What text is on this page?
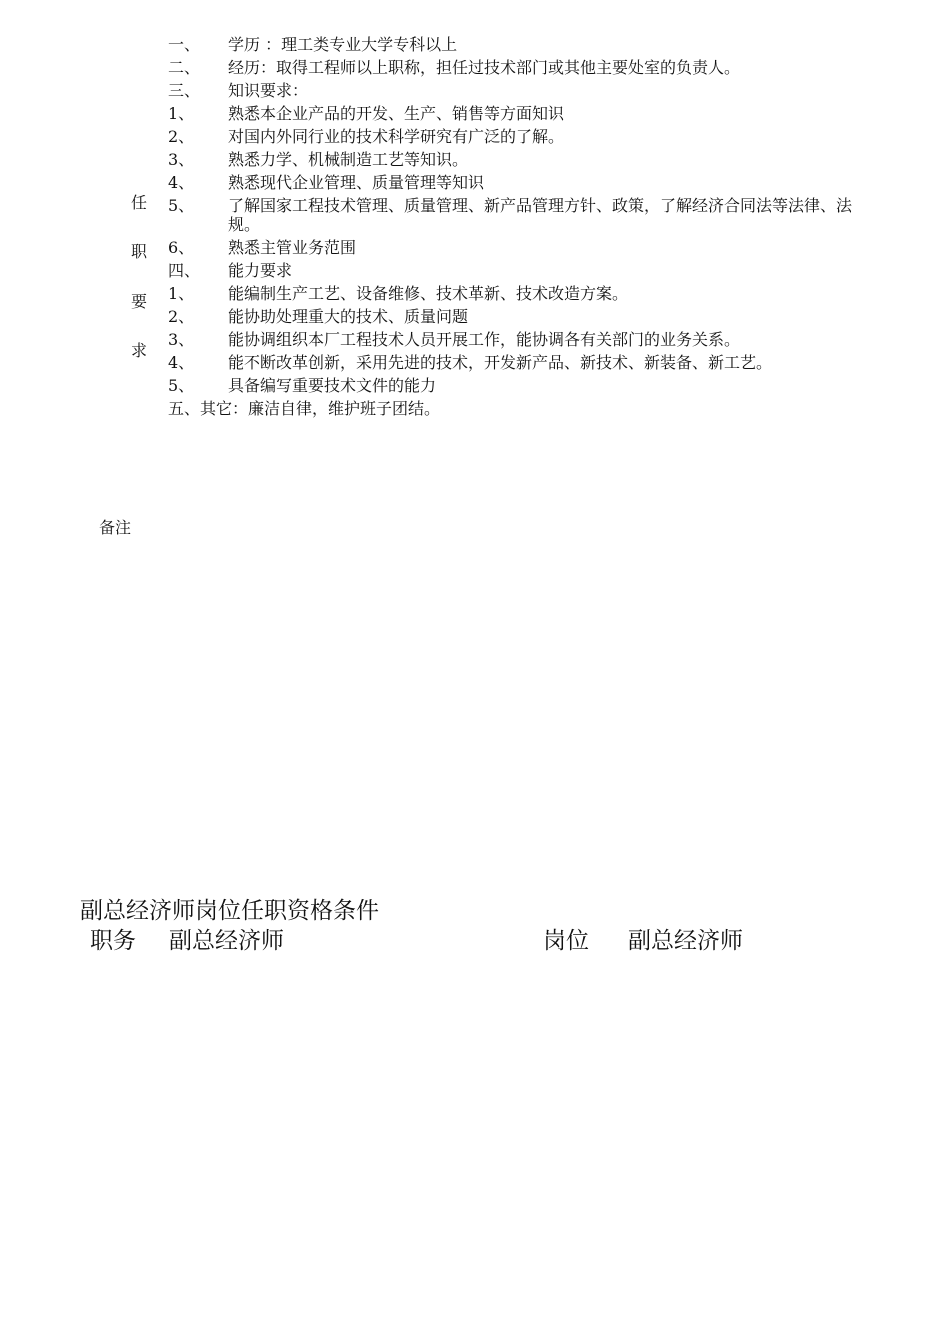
任
职
要
求
一、	学历 ：理工类专业大学专科以上
二、	经历：取得工程师以上职称，担任过技术部门或其他主要处室的负责人。
三、	知识要求：
1、	熟悉本企业产品的开发、生产、销售等方面知识
2、	对国内外同行业的技术科学研究有广泛的了解。
3、	熟悉力学、机械制造工艺等知识。
4、	熟悉现代企业管理、质量管理等知识
5、	了解国家工程技术管理、质量管理、新产品管理方针、政策，了解经济合同法等法律、法规。
6、	熟悉主管业务范围
四、	能力要求
1、	能编制生产工艺、设备维修、技术革新、技术改造方案。
2、	能协助处理重大的技术、质量问题
3、	能协调组织本厂工程技术人员开展工作，能协调各有关部门的业务关系。
4、	能不断改革创新，采用先进的技术，开发新产品、新技术、新装备、新工艺。
5、	具备编写重要技术文件的能力
五、其它：廉洁自律，维护班子团结。
备注
副总经济师岗位任职资格条件
职务 副总经济师	岗位 副总经济师
